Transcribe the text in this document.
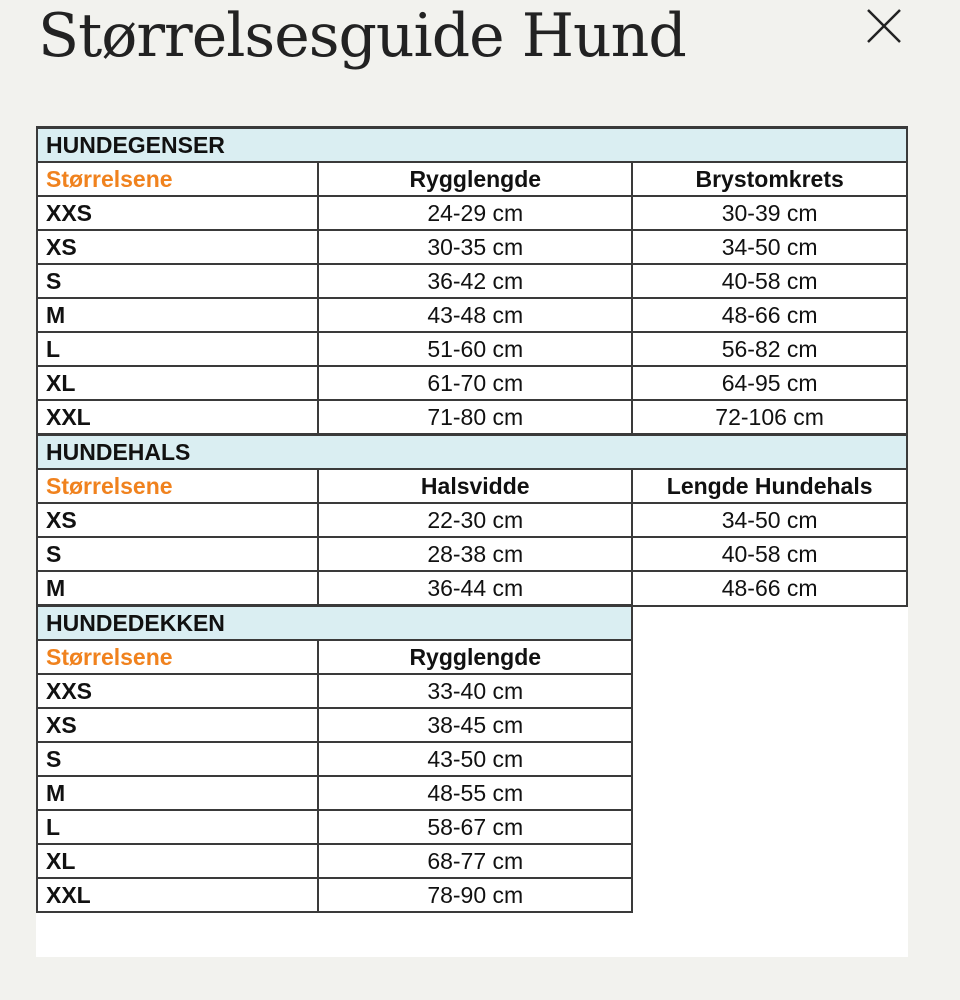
Størrelsesguide Hund
HUNDEGENSER		
Størrelsene	Rygglengde	Brystomkrets
XXS	24-29 cm	30-39 cm
XS	30-35 cm	34-50 cm
S	36-42 cm	40-58 cm
M	43-48 cm	48-66 cm
L	51-60 cm	56-82 cm
XL	61-70 cm	64-95 cm
XXL	71-80 cm	72-106 cm
HUNDEHALS		
Størrelsene	Halsvidde	Lengde Hundehals
XS	22-30 cm	34-50 cm
S	28-38 cm	40-58 cm
M	36-44 cm	48-66 cm
HUNDEDEKKEN		
Størrelsene	Rygglengde	
XXS	33-40 cm	
XS	38-45 cm	
S	43-50 cm	
M	48-55 cm	
L	58-67 cm	
XL	68-77 cm	
XXL	78-90 cm	
